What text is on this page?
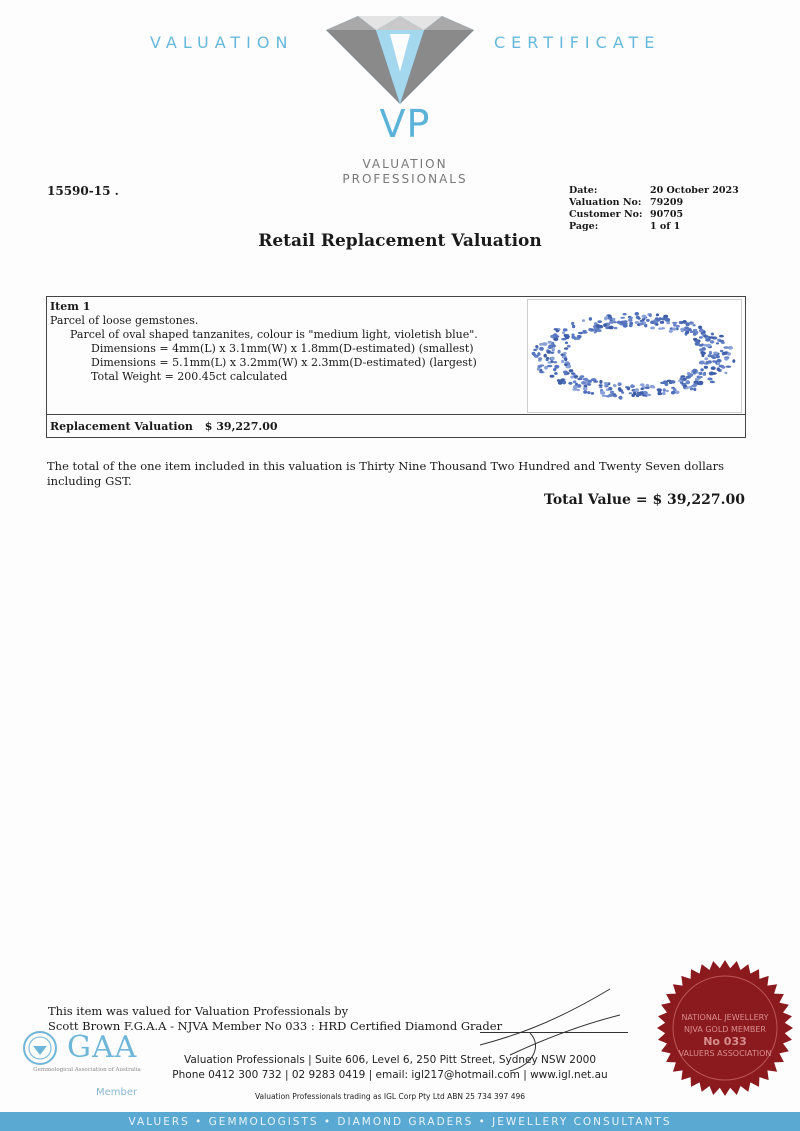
VALUATION	CERTIFICATE
VP
VALUATION
PROFESSIONALS
15590-15 .	Date:	20 October 2023
Valuation No: 79209
Customer No: 90705
Page:	1 of 1
Retail Replacement Valuation
Item 1
Parcel of loose gemstones.
Parcel of oval shaped tanzanites, colour is "medium light, violetish blue".
Dimensions = 4mm(L) x 3.1mm(W) x 1.8mm(D-estimated) (smallest)
Dimensions = 5.1mm(L) x 3.2mm(W) x 2.3mm(D-estimated) (largest)
Total Weight = 200.45ct calculated
Replacement Valuation $ 39,227.00
The total of the one item included in this valuation is Thirty Nine Thousand Two Hundred and Twenty Seven dollars including GST.
Total Value = $ 39,227.00
This item was valued for Valuation Professionals by
Scott Brown F.G.A.A - NJVA Member No 033 : HRD Certified Diamond Grader
GAA
Gemmological Association of Australia
Member
Valuation Professionals | Suite 606, Level 6, 250 Pitt Street, Sydney NSW 2000
Phone 0412 300 732 | 02 9283 0419 | email: igl217@hotmail.com | www.igl.net.au
Valuation Professionals trading as IGL Corp Pty Ltd ABN 25 734 397 496
NATIONAL JEWELLERY
NJVA GOLD MEMBER
No 033
VALUERS ASSOCIATION
VALUERS • GEMMOLOGISTS • DIAMOND GRADERS • JEWELLERY CONSULTANTS
